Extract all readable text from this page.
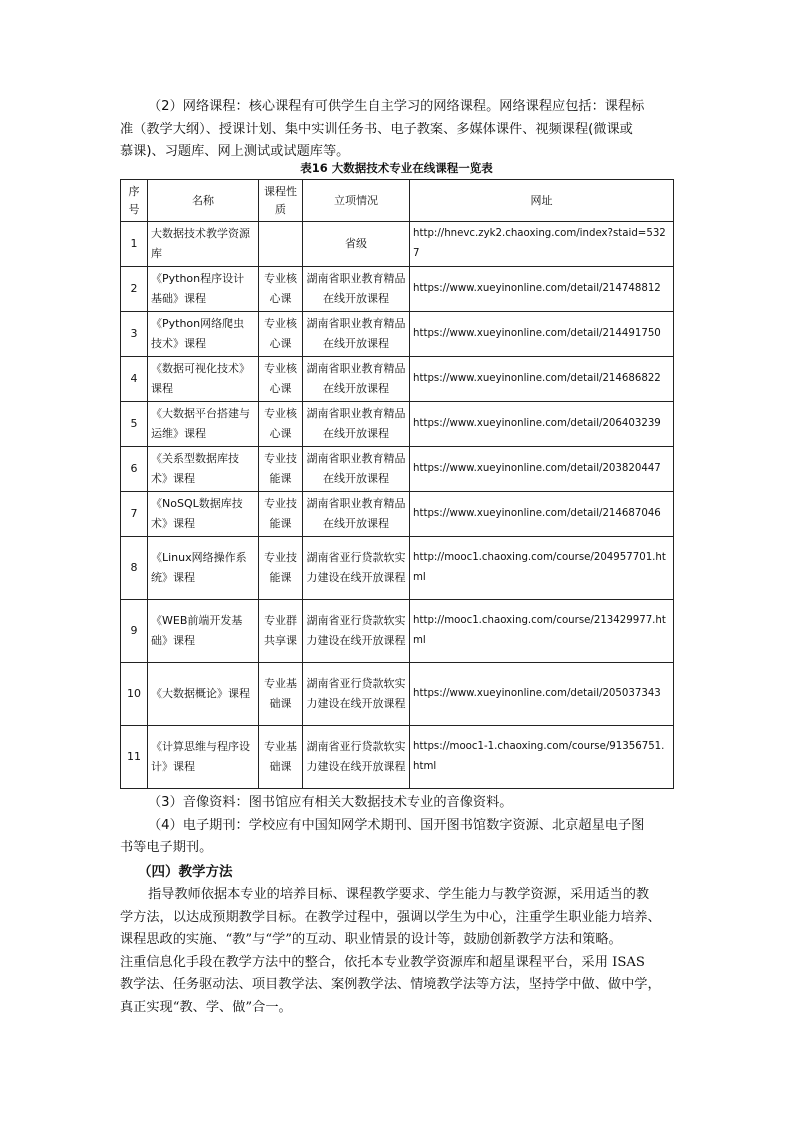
（2）网络课程：核心课程有可供学生自主学习的网络课程。网络课程应包括：课程标
准（教学大纲）、授课计划、集中实训任务书、电子教案、多媒体课件、视频课程(微课或
慕课)、习题库、网上测试或试题库等。
表16 大数据技术专业在线课程一览表
序号	名称	课程性质	立项情况	网址
1	大数据技术教学资源库		省级	http://hnevc.zyk2.chaoxing.com/index?staid=5327
2	《Python程序设计基础》课程	专业核心课	湖南省职业教育精品在线开放课程	https://www.xueyinonline.com/detail/214748812
3	《Python网络爬虫技术》课程	专业核心课	湖南省职业教育精品在线开放课程	https://www.xueyinonline.com/detail/214491750
4	《数据可视化技术》课程	专业核心课	湖南省职业教育精品在线开放课程	https://www.xueyinonline.com/detail/214686822
5	《大数据平台搭建与运维》课程	专业核心课	湖南省职业教育精品在线开放课程	https://www.xueyinonline.com/detail/206403239
6	《关系型数据库技术》课程	专业技能课	湖南省职业教育精品在线开放课程	https://www.xueyinonline.com/detail/203820447
7	《NoSQL数据库技术》课程	专业技能课	湖南省职业教育精品在线开放课程	https://www.xueyinonline.com/detail/214687046
8	《Linux网络操作系统》课程	专业技能课	湖南省亚行贷款软实力建设在线开放课程	http://mooc1.chaoxing.com/course/204957701.html
9	《WEB前端开发基础》课程	专业群共享课	湖南省亚行贷款软实力建设在线开放课程	http://mooc1.chaoxing.com/course/213429977.html
10	《大数据概论》课程	专业基础课	湖南省亚行贷款软实力建设在线开放课程	https://www.xueyinonline.com/detail/205037343
11	《计算思维与程序设计》课程	专业基础课	湖南省亚行贷款软实力建设在线开放课程	https://mooc1-1.chaoxing.com/course/91356751.html
（3）音像资料：图书馆应有相关大数据技术专业的音像资料。
（4）电子期刊：学校应有中国知网学术期刊、国开图书馆数字资源、北京超星电子图
书等电子期刊。
（四）教学方法
指导教师依据本专业的培养目标、课程教学要求、学生能力与教学资源，采用适当的教
学方法，以达成预期教学目标。在教学过程中，强调以学生为中心，注重学生职业能力培养、
课程思政的实施、“教”与“学”的互动、职业情景的设计等，鼓励创新教学方法和策略。
注重信息化手段在教学方法中的整合，依托本专业教学资源库和超星课程平台，采用 ISAS
教学法、任务驱动法、项目教学法、案例教学法、情境教学法等方法，坚持学中做、做中学，
真正实现“教、学、做”合一。
